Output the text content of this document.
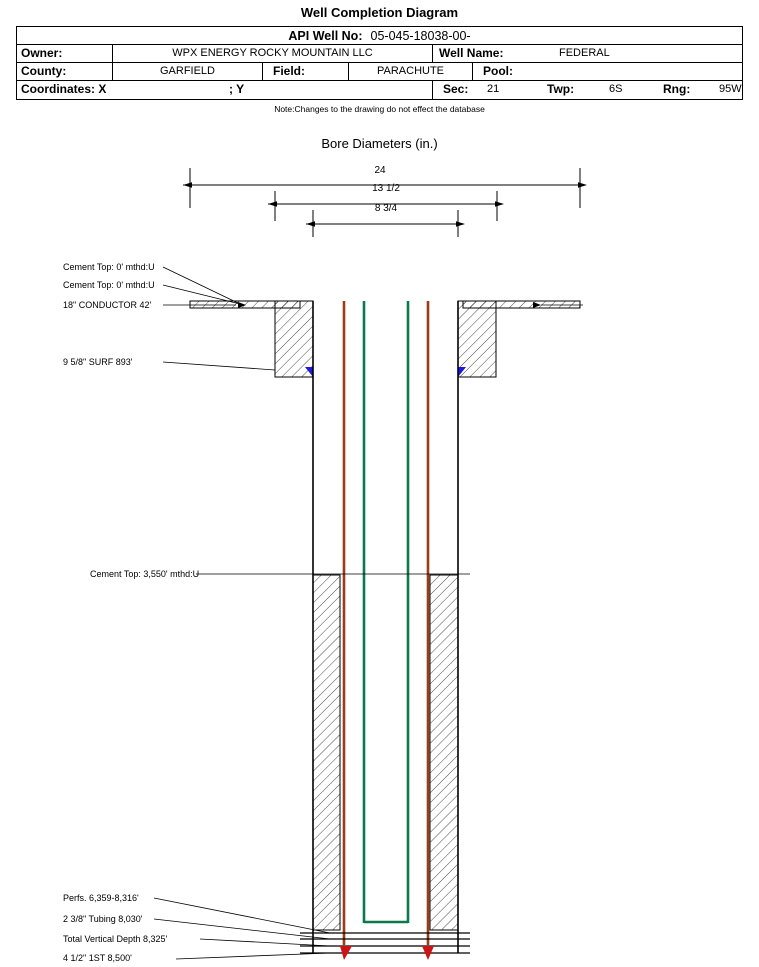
Well Completion Diagram
API Well No: 05-045-18038-00-
Owner:	WPX ENERGY ROCKY MOUNTAIN LLC	Well Name:	FEDERAL
County:	GARFIELD	Field:	PARACHUTE	Pool:
Coordinates: X	; Y	Sec:	21	Twp:	6S	Rng:	95W
Note:Changes to the drawing do not effect the database
Bore Diameters (in.)
24
13 1/2
8 3/4
Cement Top: 0' mthd:U
Cement Top: 0' mthd:U
18" CONDUCTOR 42'
9 5/8" SURF 893'
Cement Top: 3,550' mthd:U
Perfs. 6,359-8,316'
2 3/8" Tubing 8,030'
Total Vertical Depth 8,325'
4 1/2" 1ST 8,500'
